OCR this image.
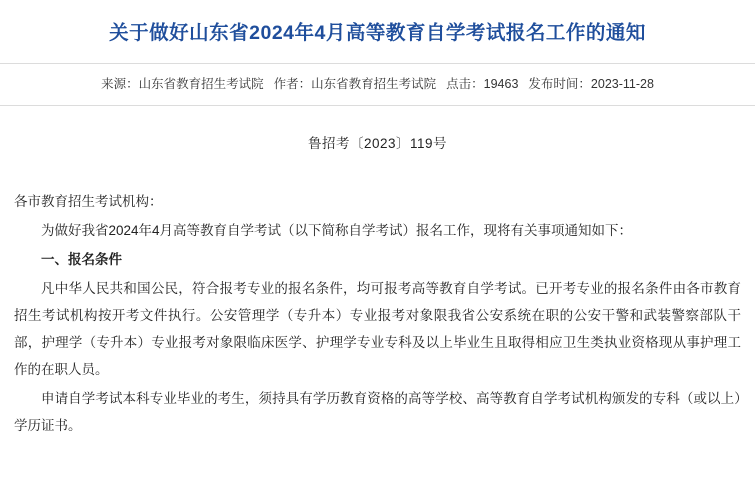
关于做好山东省2024年4月高等教育自学考试报名工作的通知
来源：山东省教育招生考试院 作者：山东省教育招生考试院 点击：19463 发布时间：2023-11-28
鲁招考〔2023〕119号

各市教育招生考试机构：

为做好我省2024年4月高等教育自学考试（以下简称自学考试）报名工作，现将有关事项通知如下：

一、报名条件

凡中华人民共和国公民，符合报考专业的报名条件，均可报考高等教育自学考试。已开考专业的报名条件由各市教育招生考试机构按开考文件执行。公安管理学（专升本）专业报考对象限我省公安系统在职的公安干警和武装警察部队干部，护理学（专升本）专业报考对象限临床医学、护理学专业专科及以上毕业生且取得相应卫生类执业资格现从事护理工作的在职人员。

申请自学考试本科专业毕业的考生，须持具有学历教育资格的高等学校、高等教育自学考试机构颁发的专科（或以上）学历证书。
